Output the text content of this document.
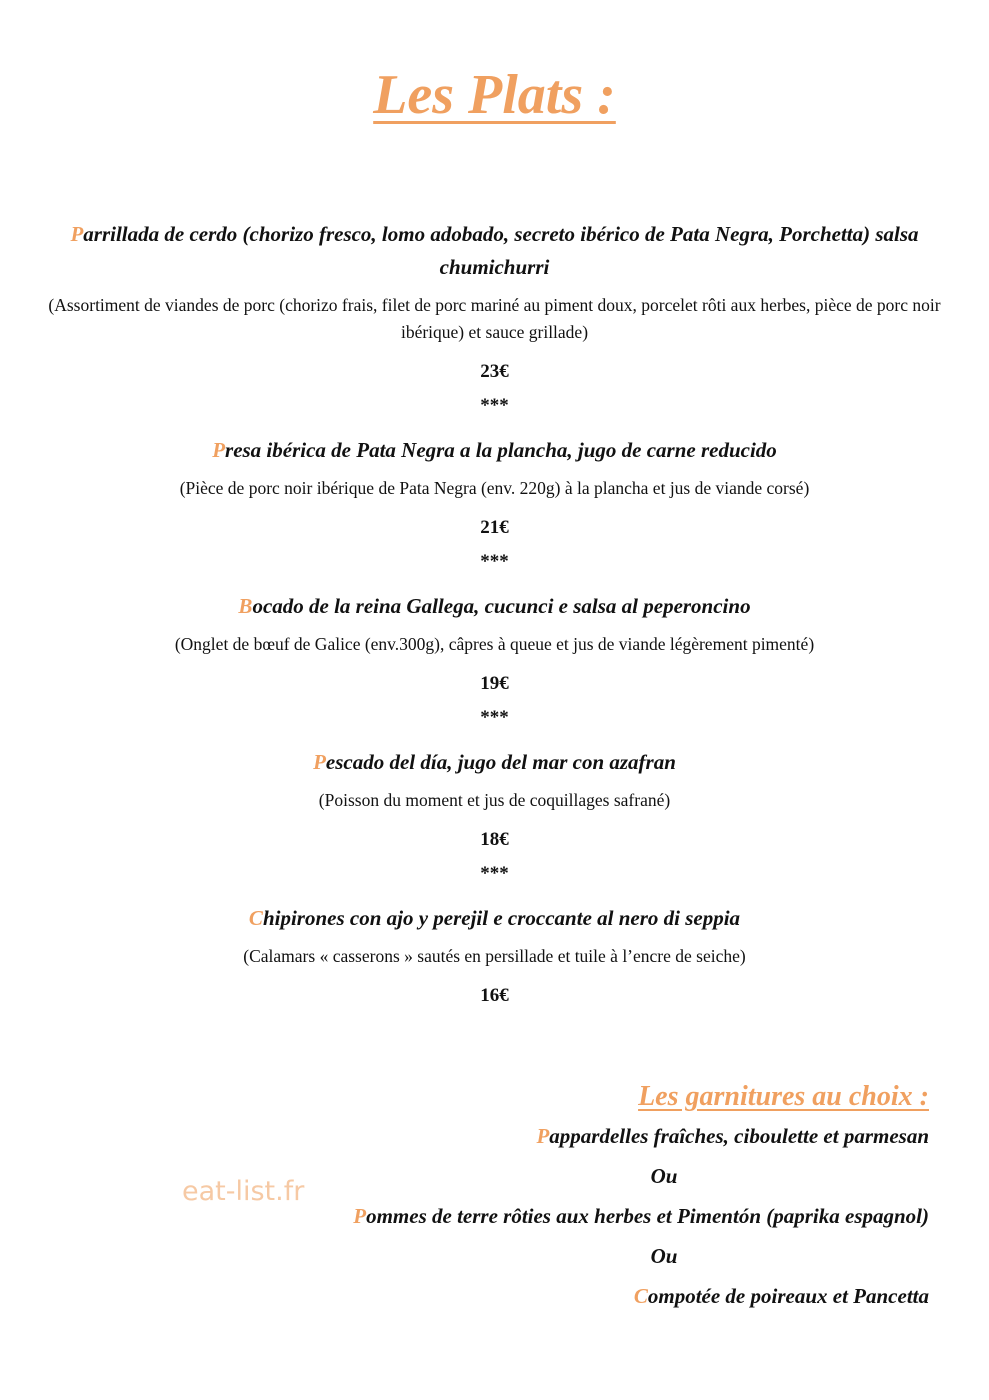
Les Plats :

Parrillada de cerdo (chorizo fresco, lomo adobado, secreto ibérico de Pata Negra, Porchetta) salsa chumichurri

(Assortiment de viandes de porc (chorizo frais, filet de porc mariné au piment doux, porcelet rôti aux herbes, pièce de porc noir ibérique) et sauce grillade)

23€

***

Presa ibérica de Pata Negra a la plancha, jugo de carne reducido

(Pièce de porc noir ibérique de Pata Negra (env. 220g) à la plancha et jus de viande corsé)

21€

***

Bocado de la reina Gallega, cucunci e salsa al peperoncino

(Onglet de bœuf de Galice (env.300g), câpres à queue et jus de viande légèrement pimenté)

19€

***

Pescado del día, jugo del mar con azafran

(Poisson du moment et jus de coquillages safrané)

18€

***

Chipirones con ajo y perejil e croccante al nero di seppia

(Calamars « casserons » sautés en persillade et tuile à l’encre de seiche)

16€

Les garnitures au choix :

Pappardelles fraîches, ciboulette et parmesan

Ou

Pommes de terre rôties aux herbes et Pimentón (paprika espagnol)

Ou

Compotée de poireaux et Pancetta

eat-list.fr
